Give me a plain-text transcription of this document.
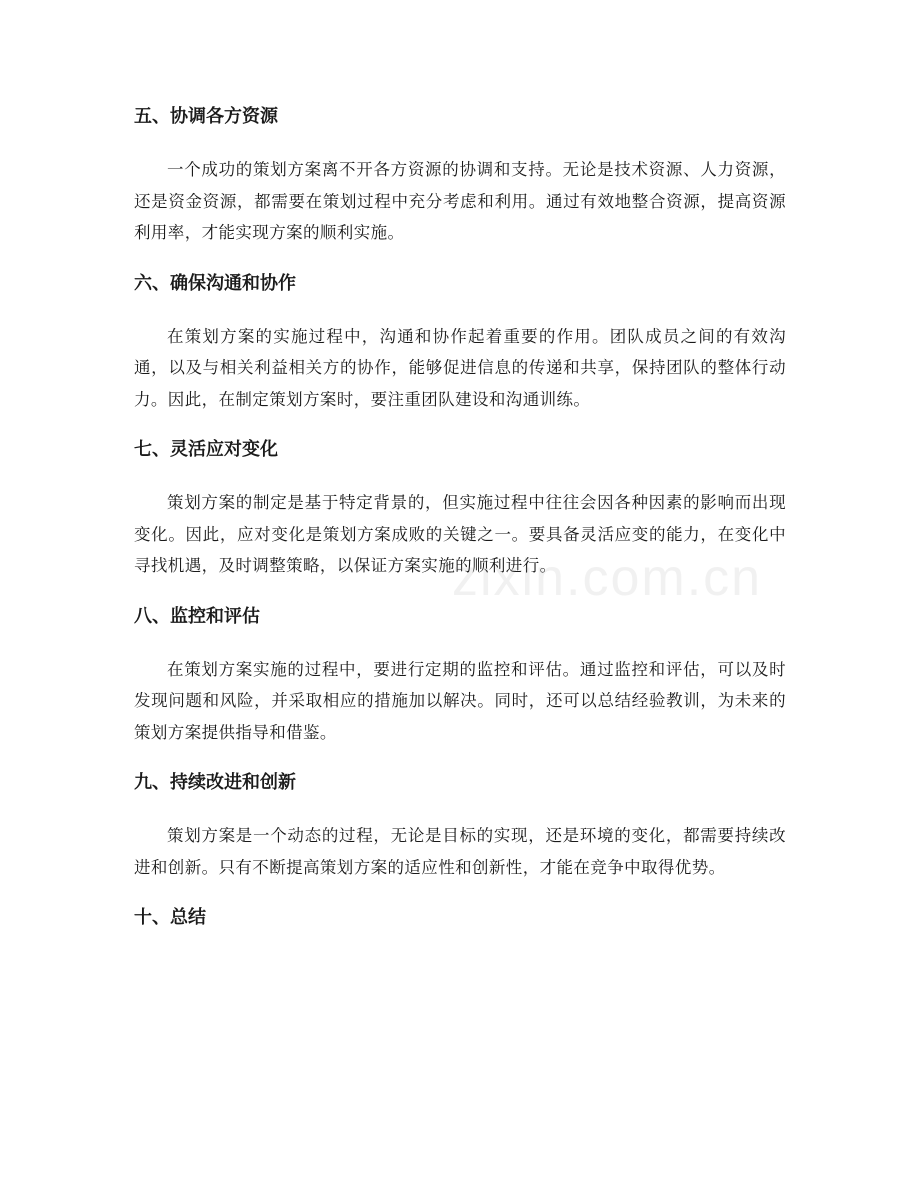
五、协调各方资源

一个成功的策划方案离不开各方资源的协调和支持。无论是技术资源、人力资源，还是资金资源，都需要在策划过程中充分考虑和利用。通过有效地整合资源，提高资源利用率，才能实现方案的顺利实施。

六、确保沟通和协作

在策划方案的实施过程中，沟通和协作起着重要的作用。团队成员之间的有效沟通，以及与相关利益相关方的协作，能够促进信息的传递和共享，保持团队的整体行动力。因此，在制定策划方案时，要注重团队建设和沟通训练。

七、灵活应对变化

策划方案的制定是基于特定背景的，但实施过程中往往会因各种因素的影响而出现变化。因此，应对变化是策划方案成败的关键之一。要具备灵活应变的能力，在变化中寻找机遇，及时调整策略，以保证方案实施的顺利进行。

八、监控和评估

在策划方案实施的过程中，要进行定期的监控和评估。通过监控和评估，可以及时发现问题和风险，并采取相应的措施加以解决。同时，还可以总结经验教训，为未来的策划方案提供指导和借鉴。

九、持续改进和创新

策划方案是一个动态的过程，无论是目标的实现，还是环境的变化，都需要持续改进和创新。只有不断提高策划方案的适应性和创新性，才能在竞争中取得优势。

十、总结
zixin.com.cn
